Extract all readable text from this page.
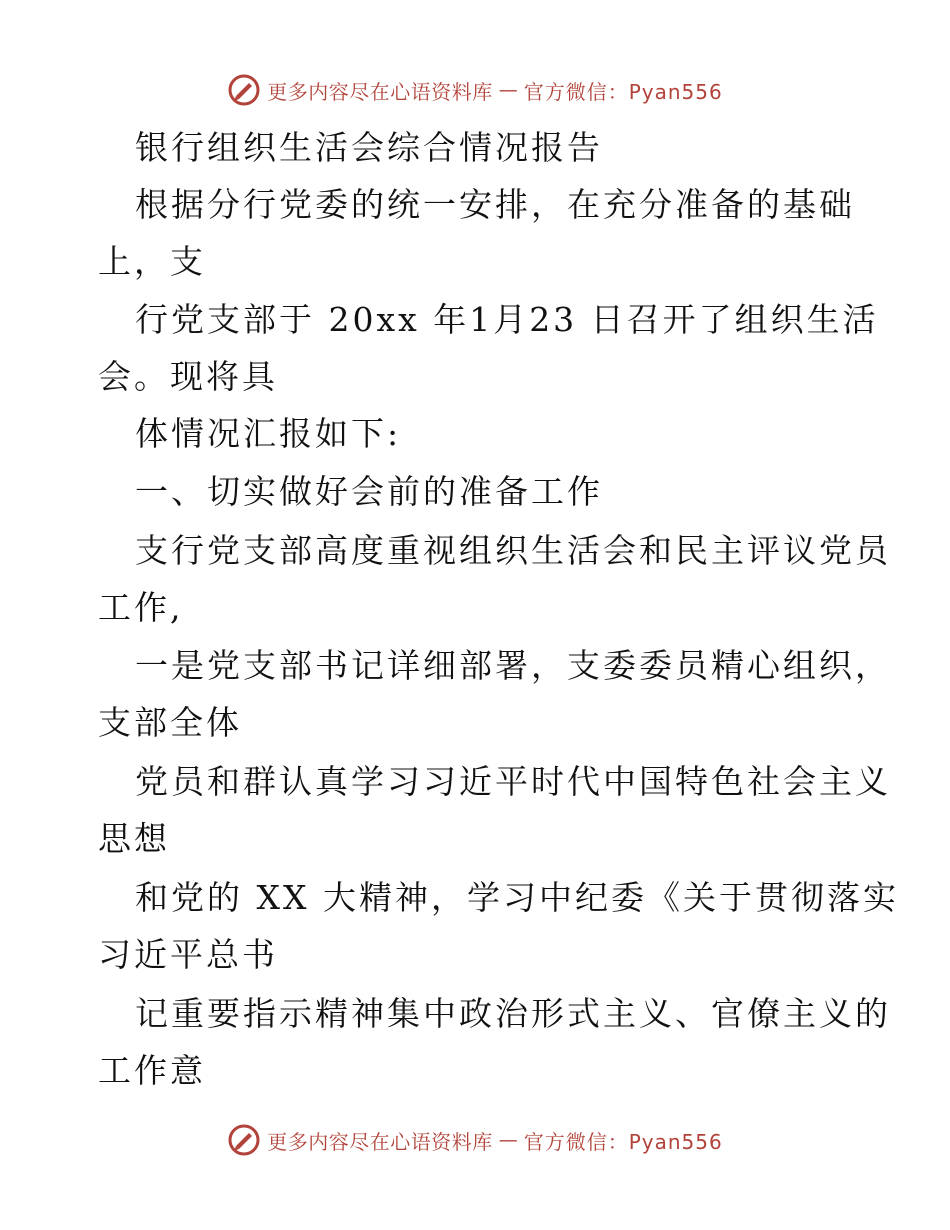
更多内容尽在心语资料库 — 官方微信：Pyan556
银行组织生活会综合情况报告
根据分行党委的统一安排，在充分准备的基础
上，支
行党支部于 20xx 年1月23 日召开了组织生活
会。现将具
体情况汇报如下:
一、切实做好会前的准备工作
支行党支部高度重视组织生活会和民主评议党员
工作,
一是党支部书记详细部署，支委委员精心组织，
支部全体
党员和群认真学习习近平时代中国特色社会主义
思想
和党的 XX 大精神，学习中纪委《关于贯彻落实
习近平总书
记重要指示精神集中政治形式主义、官僚主义的
工作意
更多内容尽在心语资料库 — 官方微信：Pyan556
